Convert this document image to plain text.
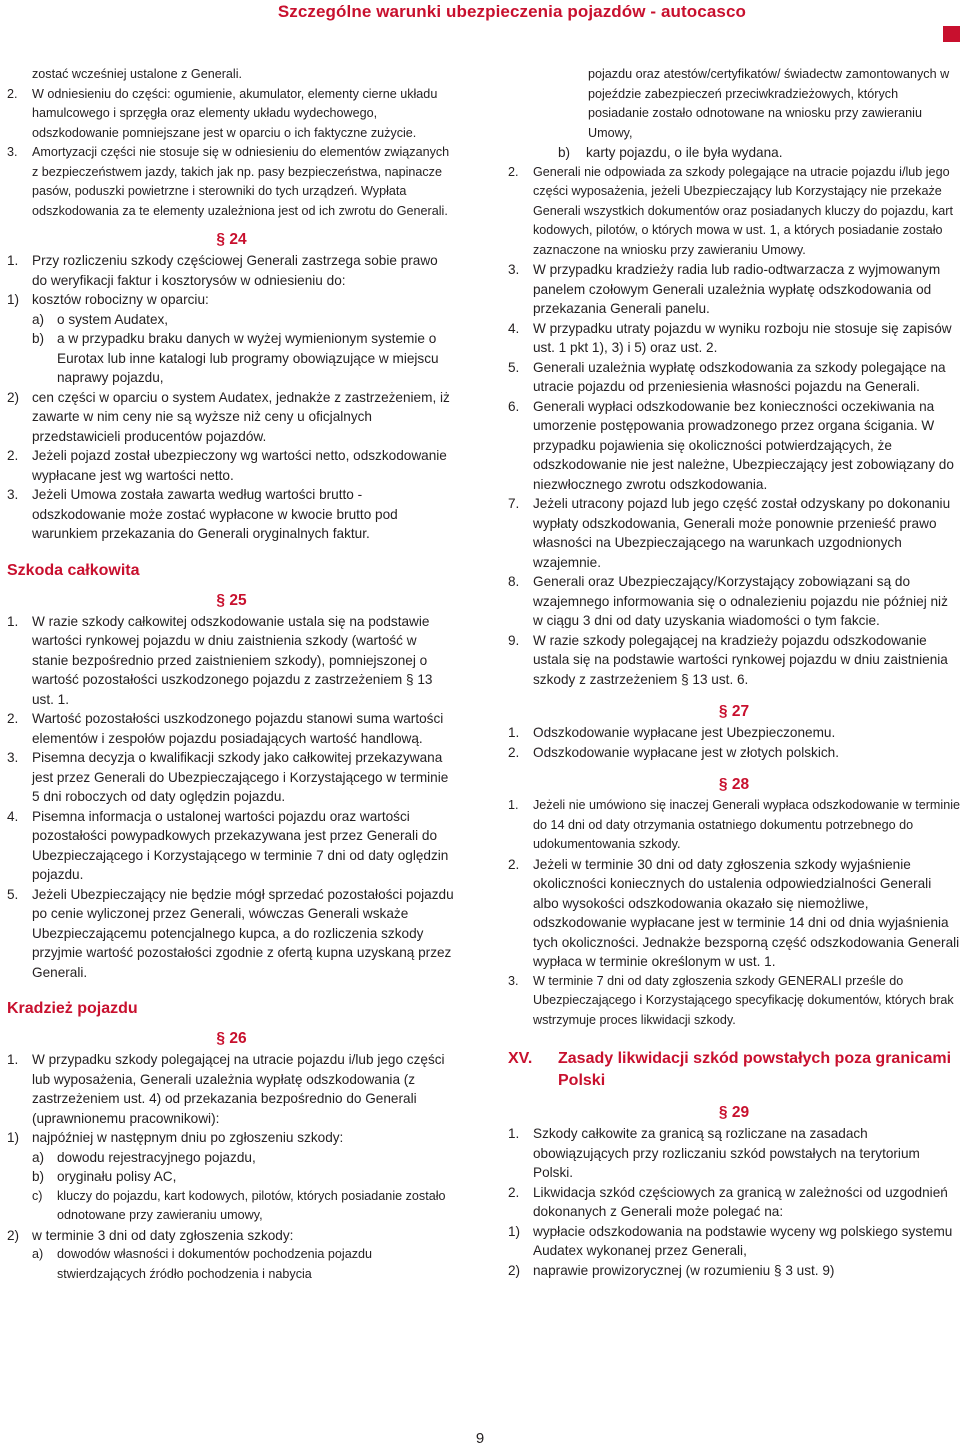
Szczególne warunki ubezpieczenia pojazdów - autocasco
zostać wcześniej ustalone z Generali.
2.	W odniesieniu do części: ogumienie, akumulator, elementy cierne układu hamulcowego i sprzęgła oraz elementy układu wydechowego, odszkodowanie pomniejszane jest w oparciu o ich faktyczne zużycie.
3.	Amortyzacji części nie stosuje się w odniesieniu do elementów związanych z bezpieczeństwem jazdy, takich jak np. pasy bezpieczeństwa, napinacze pasów, poduszki powietrzne i sterowniki do tych urządzeń. Wypłata odszkodowania za te elementy uzależniona jest od ich zwrotu do Generali.
§ 24
1.	Przy rozliczeniu szkody częściowej Generali zastrzega sobie prawo do weryfikacji faktur i kosztorysów w odniesieniu do:
1) kosztów robocizny w oparciu:
a) o system Audatex,
b) a w przypadku braku danych w wyżej wymienionym systemie o Eurotax lub inne katalogi lub programy obowiązujące w miejscu naprawy pojazdu,
2) cen części w oparciu o system Audatex, jednakże z zastrzeżeniem, iż zawarte w nim ceny nie są wyższe niż ceny u oficjalnych przedstawicieli producentów pojazdów.
2.	Jeżeli pojazd został ubezpieczony wg wartości netto, odszkodowanie wypłacane jest wg wartości netto.
3.	Jeżeli Umowa została zawarta według wartości brutto - odszkodowanie może zostać wypłacone w kwocie brutto pod warunkiem przekazania do Generali oryginalnych faktur.
Szkoda całkowita
§ 25
1.	W razie szkody całkowitej odszkodowanie ustala się na podstawie wartości rynkowej pojazdu w dniu zaistnienia szkody (wartość w stanie bezpośrednio przed zaistnieniem szkody), pomniejszonej o wartość pozostałości uszkodzonego pojazdu z zastrzeżeniem § 13 ust. 1.
2.	Wartość pozostałości uszkodzonego pojazdu stanowi suma wartości elementów i zespołów pojazdu posiadających wartość handlową.
3.	Pisemna decyzja o kwalifikacji szkody jako całkowitej przekazywana jest przez Generali do Ubezpieczającego i Korzystającego w terminie 5 dni roboczych od daty oględzin pojazdu.
4.	Pisemna informacja o ustalonej wartości pojazdu oraz wartości pozostałości powypadkowych przekazywana jest przez Generali do Ubezpieczającego i Korzystającego w terminie 7 dni od daty oględzin pojazdu.
5.	Jeżeli Ubezpieczający nie będzie mógł sprzedać pozostałości pojazdu po cenie wyliczonej przez Generali, wówczas Generali wskaże Ubezpieczającemu potencjalnego kupca, a do rozliczenia szkody przyjmie wartość pozostałości zgodnie z ofertą kupna uzyskaną przez Generali.
Kradzież pojazdu
§ 26
1.	W przypadku szkody polegającej na utracie pojazdu i/lub jego części lub wyposażenia, Generali uzależnia wypłatę odszkodowania (z zastrzeżeniem ust. 4) od przekazania bezpośrednio do Generali (uprawnionemu pracownikowi):
1) najpóźniej w następnym dniu po zgłoszeniu szkody:
a) dowodu rejestracyjnego pojazdu,
b) oryginału polisy AC,
c)	kluczy do pojazdu, kart kodowych, pilotów, których posiadanie zostało odnotowane przy zawieraniu umowy,
2) w terminie 3 dni od daty zgłoszenia szkody:
a)	dowodów własności i dokumentów pochodzenia pojazdu stwierdzających źródło pochodzenia i nabycia
pojazdu oraz atestów/certyfikatów/ świadectw zamontowanych w pojeździe zabezpieczeń przeciwkradzieżowych, których posiadanie zostało odnotowane na wniosku przy zawieraniu Umowy,
b)	karty pojazdu, o ile była wydana.
2.	Generali nie odpowiada za szkody polegające na utracie pojazdu i/lub jego części wyposażenia, jeżeli Ubezpieczający lub Korzystający nie przekaże Generali wszystkich dokumentów oraz posiadanych kluczy do pojazdu, kart kodowych, pilotów, o których mowa w ust. 1, a których posiadanie zostało zaznaczone na wniosku przy zawieraniu Umowy.
3.	W przypadku kradzieży radia lub radio-odtwarzacza z wyjmowanym panelem czołowym Generali uzależnia wypłatę odszkodowania od przekazania Generali panelu.
4.	W przypadku utraty pojazdu w wyniku rozboju nie stosuje się zapisów ust. 1 pkt 1), 3) i 5) oraz ust. 2.
5.	Generali uzależnia wypłatę odszkodowania za szkody polegające na utracie pojazdu od przeniesienia własności pojazdu na Generali.
6.	Generali wypłaci odszkodowanie bez konieczności oczekiwania na umorzenie postępowania prowadzonego przez organa ścigania. W przypadku pojawienia się okoliczności potwierdzających, że odszkodowanie nie jest należne, Ubezpieczający jest zobowiązany do niezwłocznego zwrotu odszkodowania.
7.	Jeżeli utracony pojazd lub jego część został odzyskany po dokonaniu wypłaty odszkodowania, Generali może ponownie przenieść prawo własności na Ubezpieczającego na warunkach uzgodnionych wzajemnie.
8.	Generali oraz Ubezpieczający/Korzystający zobowiązani są do wzajemnego informowania się o odnalezieniu pojazdu nie później niż w ciągu 3 dni od daty uzyskania wiadomości o tym fakcie.
9.	W razie szkody polegającej na kradzieży pojazdu odszkodowanie ustala się na podstawie wartości rynkowej pojazdu w dniu zaistnienia szkody z zastrzeżeniem § 13 ust. 6.
§ 27
1.	Odszkodowanie wypłacane jest Ubezpieczonemu.
2.	Odszkodowanie wypłacane jest w złotych polskich.
§ 28
1.	Jeżeli nie umówiono się inaczej Generali wypłaca odszkodowanie w terminie do 14 dni od daty otrzymania ostatniego dokumentu potrzebnego do udokumentowania szkody.
2.	Jeżeli w terminie 30 dni od daty zgłoszenia szkody wyjaśnienie okoliczności koniecznych do ustalenia odpowiedzialności Generali albo wysokości odszkodowania okazało się niemożliwe, odszkodowanie wypłacane jest w terminie 14 dni od dnia wyjaśnienia tych okoliczności. Jednakże bezsporną część odszkodowania Generali wypłaca w terminie określonym w ust. 1.
3.	W terminie 7 dni od daty zgłoszenia szkody GENERALI prześle do Ubezpieczającego i Korzystającego specyfikację dokumentów, których brak wstrzymuje proces likwidacji szkody.
XV.	Zasady likwidacji szkód powstałych poza granicami Polski
§ 29
1.	Szkody całkowite za granicą są rozliczane na zasadach obowiązujących przy rozliczaniu szkód powstałych na terytorium Polski.
2.	Likwidacja szkód częściowych za granicą w zależności od uzgodnień dokonanych z Generali może polegać na:
1) wypłacie odszkodowania na podstawie wyceny wg polskiego systemu Audatex wykonanej przez Generali,
2) naprawie prowizorycznej (w rozumieniu § 3 ust. 9)
9
